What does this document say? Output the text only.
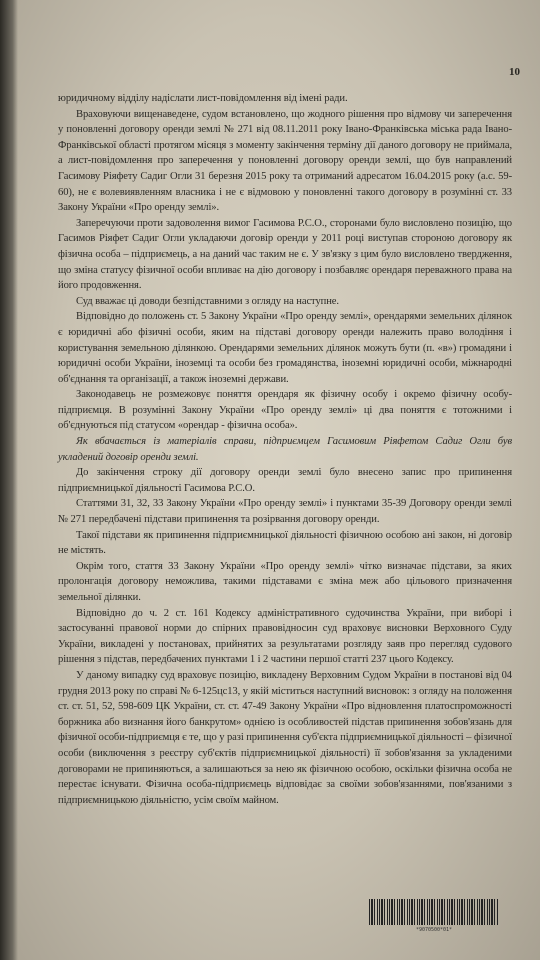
10

юридичному відділу надіслати лист-повідомлення від імені ради.

Враховуючи вищенаведене, судом встановлено, що жодного рішення про відмову чи заперечення у поновленні договору оренди землі № 271 від 08.11.2011 року Івано-Франківська міська рада Івано-Франківської області протягом місяця з моменту закінчення терміну дії даного договору не приймала, а лист-повідомлення про заперечення у поновленні договору оренди землі, що був направлений Гасимову Ріяфету Садиг Огли 31 березня 2015 року та отриманий адресатом 16.04.2015 року (а.с. 59-60), не є волевиявленням власника і не є відмовою у поновленні такого договору в розумінні ст. 33 Закону України «Про оренду землі».

Заперечуючи проти задоволення вимог Гасимова Р.С.О., сторонами було висловлено позицію, що Гасимов Ріяфет Садиг Огли укладаючи договір оренди у 2011 році виступав стороною договору як фізична особа – підприємець, а на даний час таким не є. У зв'язку з цим було висловлено твердження, що зміна статусу фізичної особи впливає на дію договору і позбавляє орендаря переважного права на його продовження.

Суд вважає ці доводи безпідставними з огляду на наступне.

Відповідно до положень ст. 5 Закону України «Про оренду землі», орендарями земельних ділянок є юридичні або фізичні особи, яким на підставі договору оренди належить право володіння і користування земельною ділянкою. Орендарями земельних ділянок можуть бути (п. «в») громадяни і юридичні особи України, іноземці та особи без громадянства, іноземні юридичні особи, міжнародні об'єднання та організації, а також іноземні держави.

Законодавець не розмежовує поняття орендаря як фізичну особу і окремо фізичну особу-підприємця. В розумінні Закону України «Про оренду землі» ці два поняття є тотожними і об'єднуються під статусом «орендар - фізична особа».

Як вбачається із матеріалів справи, підприємцем Гасимовим Ріяфетом Садиг Огли був укладений договір оренди землі.

До закінчення строку дії договору оренди землі було внесено запис про припинення підприємницької діяльності Гасимова Р.С.О.

Статтями 31, 32, 33 Закону України «Про оренду землі» і пунктами 35-39 Договору оренди землі № 271 передбачені підстави припинення та розірвання договору оренди.

Такої підстави як припинення підприємницької діяльності фізичною особою ані закон, ні договір не містять.

Окрім того, стаття 33 Закону України «Про оренду землі» чітко визначає підстави, за яких пролонгація договору неможлива, такими підставами є зміна меж або цільового призначення земельної ділянки.

Відповідно до ч. 2 ст. 161 Кодексу адміністративного судочинства України, при виборі і застосуванні правової норми до спірних правовідносин суд враховує висновки Верховного Суду України, викладені у постановах, прийнятих за результатами розгляду заяв про перегляд судового рішення з підстав, передбачених пунктами 1 і 2 частини першої статті 237 цього Кодексу.

У даному випадку суд враховує позицію, викладену Верховним Судом України в постанові від 04 грудня 2013 року по справі № 6-125цс13, у якій міститься наступний висновок: з огляду на положення ст. ст. 51, 52, 598-609 ЦК України, ст. ст. 47-49 Закону України «Про відновлення платоспроможності боржника або визнання його банкрутом» однією із особливостей підстав припинення зобов'язань для фізичної особи-підприємця є те, що у разі припинення суб'єкта підприємницької діяльності – фізичної особи (виключення з реєстру суб'єктів підприємницької діяльності) її зобов'язання за укладеними договорами не припиняються, а залишаються за нею як фізичною особою, оскільки фізична особа не перестає існувати. Фізична особа-підприємець відповідає за своїми зобов'язаннями, пов'язаними з підприємницькою діяльністю, усім своїм майном.

*9070500*01*
